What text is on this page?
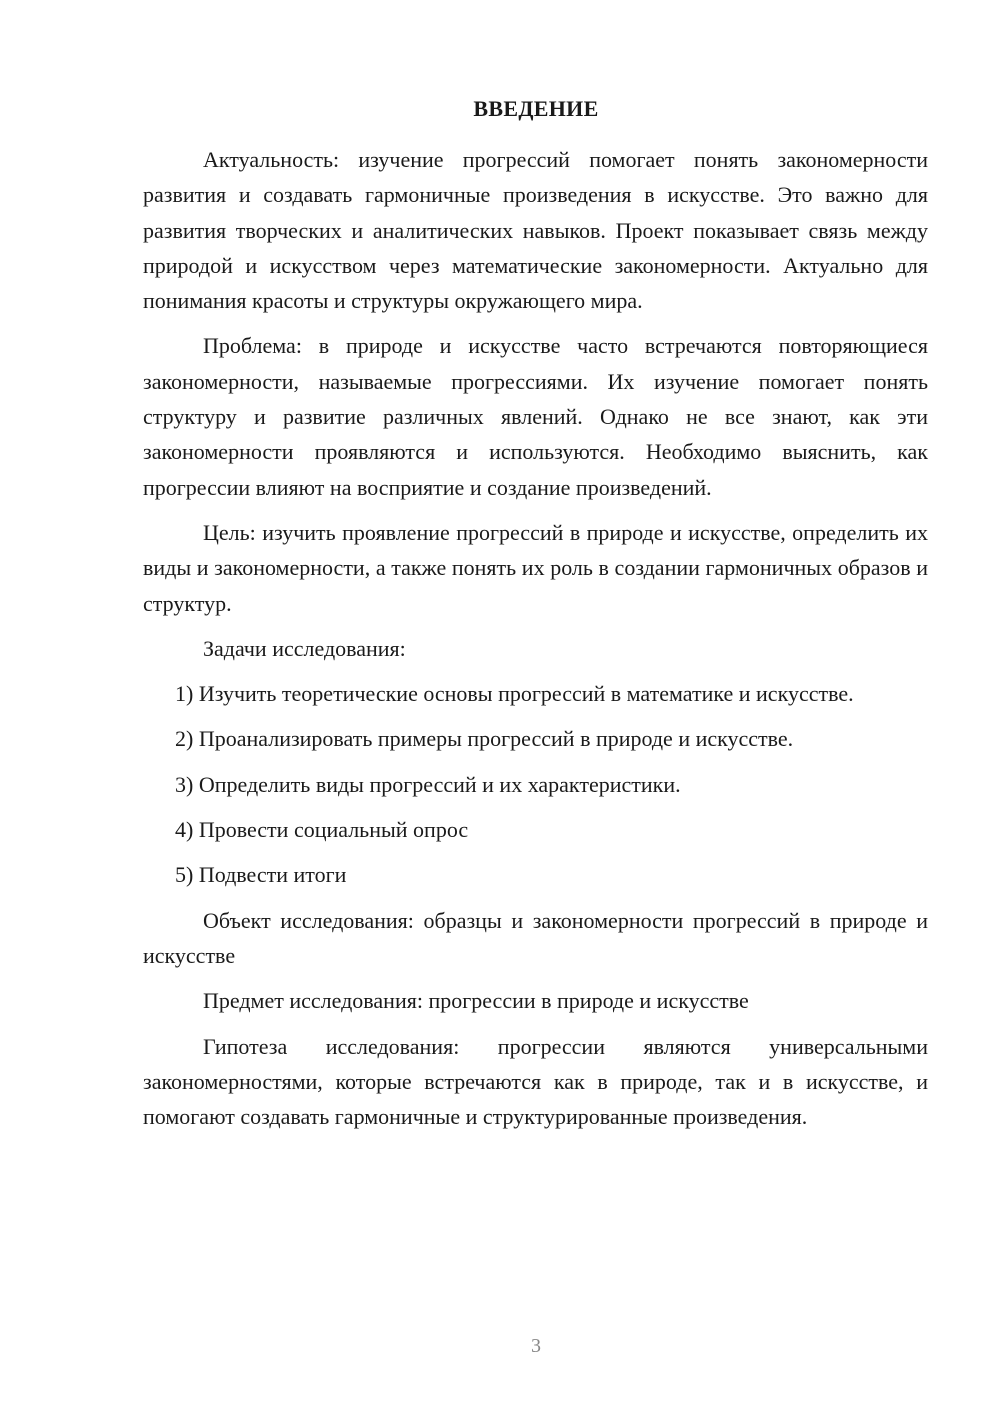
ВВЕДЕНИЕ

Актуальность: изучение прогрессий помогает понять закономерности развития и создавать гармоничные произведения в искусстве. Это важно для развития творческих и аналитических навыков. Проект показывает связь между природой и искусством через математические закономерности. Актуально для понимания красоты и структуры окружающего мира.

Проблема: в природе и искусстве часто встречаются повторяющиеся закономерности, называемые прогрессиями. Их изучение помогает понять структуру и развитие различных явлений. Однако не все знают, как эти закономерности проявляются и используются. Необходимо выяснить, как прогрессии влияют на восприятие и создание произведений.

Цель: изучить проявление прогрессий в природе и искусстве, определить их виды и закономерности, а также понять их роль в создании гармоничных образов и структур.

Задачи исследования:

1) Изучить теоретические основы прогрессий в математике и искусстве.

2) Проанализировать примеры прогрессий в природе и искусстве.

3) Определить виды прогрессий и их характеристики.

4) Провести социальный опрос

5) Подвести итоги

Объект исследования: образцы и закономерности прогрессий в природе и искусстве

Предмет исследования: прогрессии в природе и искусстве

Гипотеза исследования: прогрессии являются универсальными закономерностями, которые встречаются как в природе, так и в искусстве, и помогают создавать гармоничные и структурированные произведения.

3
